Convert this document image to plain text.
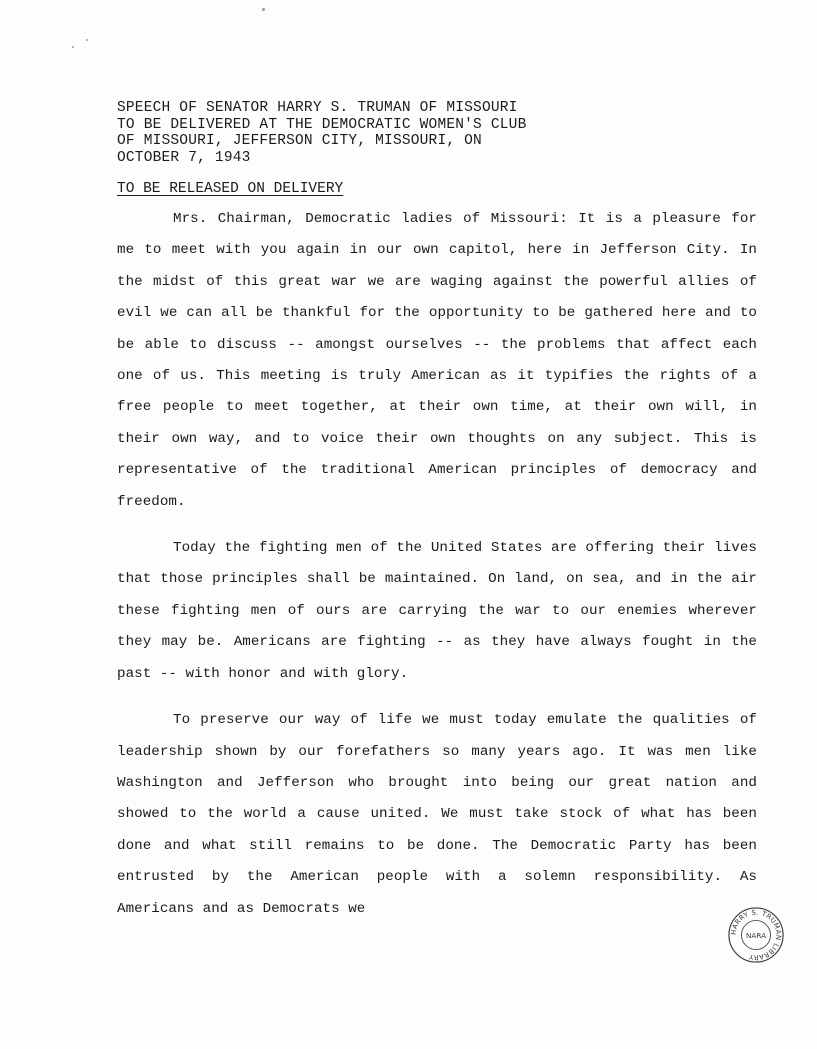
SPEECH OF SENATOR HARRY S. TRUMAN OF MISSOURI
TO BE DELIVERED AT THE DEMOCRATIC WOMEN'S CLUB
OF MISSOURI, JEFFERSON CITY, MISSOURI, ON
OCTOBER 7, 1943
TO BE RELEASED ON DELIVERY

Mrs. Chairman, Democratic ladies of Missouri: It is a pleasure for me to meet with you again in our own capitol, here in Jefferson City. In the midst of this great war we are waging against the powerful allies of evil we can all be thankful for the opportunity to be gathered here and to be able to discuss -- amongst ourselves -- the problems that affect each one of us. This meeting is truly American as it typifies the rights of a free people to meet together, at their own time, at their own will, in their own way, and to voice their own thoughts on any subject. This is representative of the traditional American principles of democracy and freedom.

Today the fighting men of the United States are offering their lives that those principles shall be maintained. On land, on sea, and in the air these fighting men of ours are carrying the war to our enemies wherever they may be. Americans are fighting -- as they have always fought in the past -- with honor and with glory.

To preserve our way of life we must today emulate the qualities of leadership shown by our forefathers so many years ago. It was men like Washington and Jefferson who brought into being our great nation and showed to the world a cause united. We must take stock of what has been done and what still remains to be done. The Democratic Party has been entrusted by the American people with a solemn responsibility. As Americans and as Democrats we

HARRY S. TRUMAN LIBRARY
NARA
